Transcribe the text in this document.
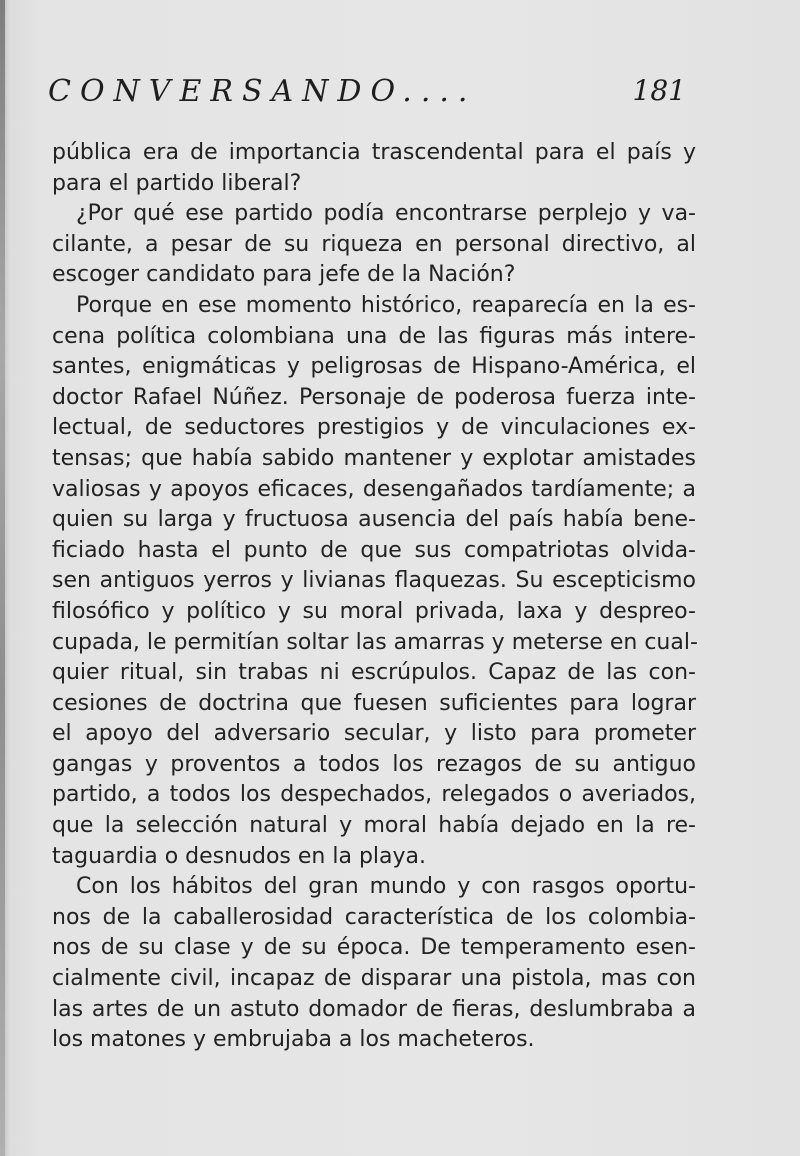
CONVERSANDO....	181
pública era de importancia trascendental para el país y
para el partido liberal?
¿Por qué ese partido podía encontrarse perplejo y va-
cilante, a pesar de su riqueza en personal directivo, al
escoger candidato para jefe de la Nación?
Porque en ese momento histórico, reaparecía en la es-
cena política colombiana una de las figuras más intere-
santes, enigmáticas y peligrosas de Hispano-América, el
doctor Rafael Núñez. Personaje de poderosa fuerza inte-
lectual, de seductores prestigios y de vinculaciones ex-
tensas; que había sabido mantener y explotar amistades
valiosas y apoyos eficaces, desengañados tardíamente; a
quien su larga y fructuosa ausencia del país había bene-
ficiado hasta el punto de que sus compatriotas olvida-
sen antiguos yerros y livianas flaquezas. Su escepticismo
filosófico y político y su moral privada, laxa y despreo-
cupada, le permitían soltar las amarras y meterse en cual-
quier ritual, sin trabas ni escrúpulos. Capaz de las con-
cesiones de doctrina que fuesen suficientes para lograr
el apoyo del adversario secular, y listo para prometer
gangas y proventos a todos los rezagos de su antiguo
partido, a todos los despechados, relegados o averiados,
que la selección natural y moral había dejado en la re-
taguardia o desnudos en la playa.
Con los hábitos del gran mundo y con rasgos oportu-
nos de la caballerosidad característica de los colombia-
nos de su clase y de su época. De temperamento esen-
cialmente civil, incapaz de disparar una pistola, mas con
las artes de un astuto domador de fieras, deslumbraba a
los matones y embrujaba a los macheteros.
